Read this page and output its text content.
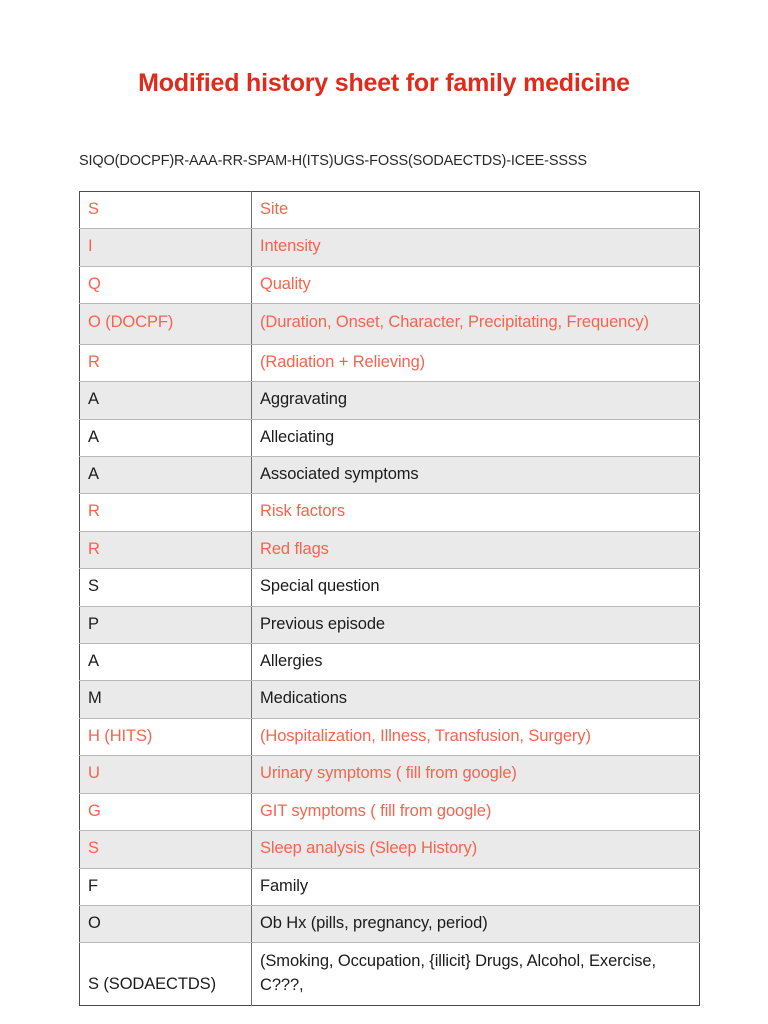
Modified history sheet for family medicine
SIQO(DOCPF)R-AAA-RR-SPAM-H(ITS)UGS-FOSS(SODAECTDS)-ICEE-SSSS
S	Site
I	Intensity
Q	Quality
O (DOCPF)	(Duration, Onset, Character, Precipitating, Frequency)
R	(Radiation + Relieving)
A	Aggravating
A	Alleciating
A	Associated symptoms
R	Risk factors
R	Red flags
S	Special question
P	Previous episode
A	Allergies
M	Medications
H (HITS)	(Hospitalization, Illness, Transfusion, Surgery)
U	Urinary symptoms ( fill from google)
G	GIT symptoms ( fill from google)
S	Sleep analysis (Sleep History)
F	Family
O	Ob Hx (pills, pregnancy, period)
S (SODAECTDS)	(Smoking, Occupation, {illicit} Drugs, Alcohol, Exercise, C???,
